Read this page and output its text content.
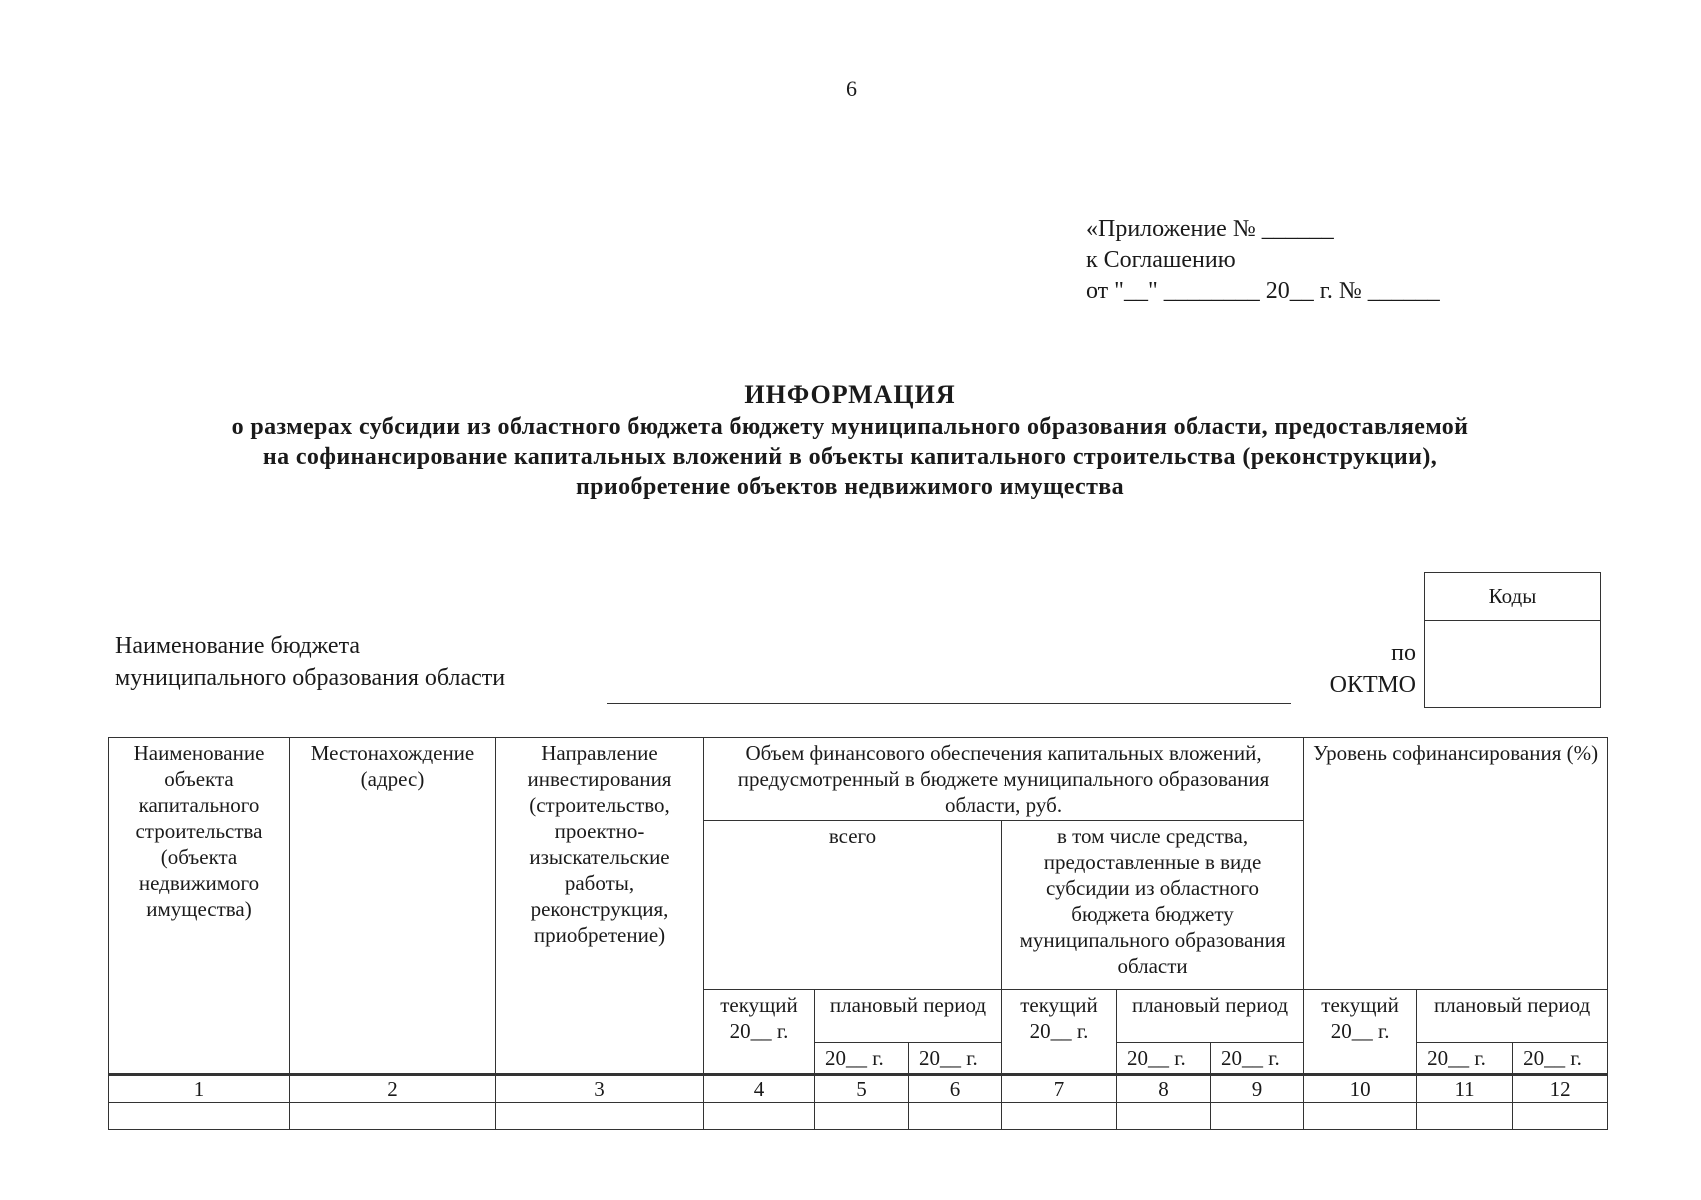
6
«Приложение № ______
к Соглашению
от "__" ________ 20__ г. № ______
ИНФОРМАЦИЯ
о размерах субсидии из областного бюджета бюджету муниципального образования области, предоставляемой
на софинансирование капитальных вложений в объекты капитального строительства (реконструкции),
приобретение объектов недвижимого имущества
Наименование бюджета
муниципального образования области
по
ОКТМО
Коды

Наименование объекта капитального строительства (объекта недвижимого имущества)	Местонахождение (адрес)	Направление инвестирования (строительство, проектно-изыскательские работы, реконструкция, приобретение)	Объем финансового обеспечения капитальных вложений, предусмотренный в бюджете муниципального образования области, руб.						Уровень софинансирования (%)		
			всего			в том числе средства, предоставленные в виде субсидии из областного бюджета бюджету муниципального образования области					
			текущий 20__ г.	плановый период		текущий 20__ г.	плановый период		текущий 20__ г.	плановый период	
				20__ г.	20__ г.		20__ г.	20__ г.		20__ г.	20__ г.
1	2	3	4	5	6	7	8	9	10	11	12
